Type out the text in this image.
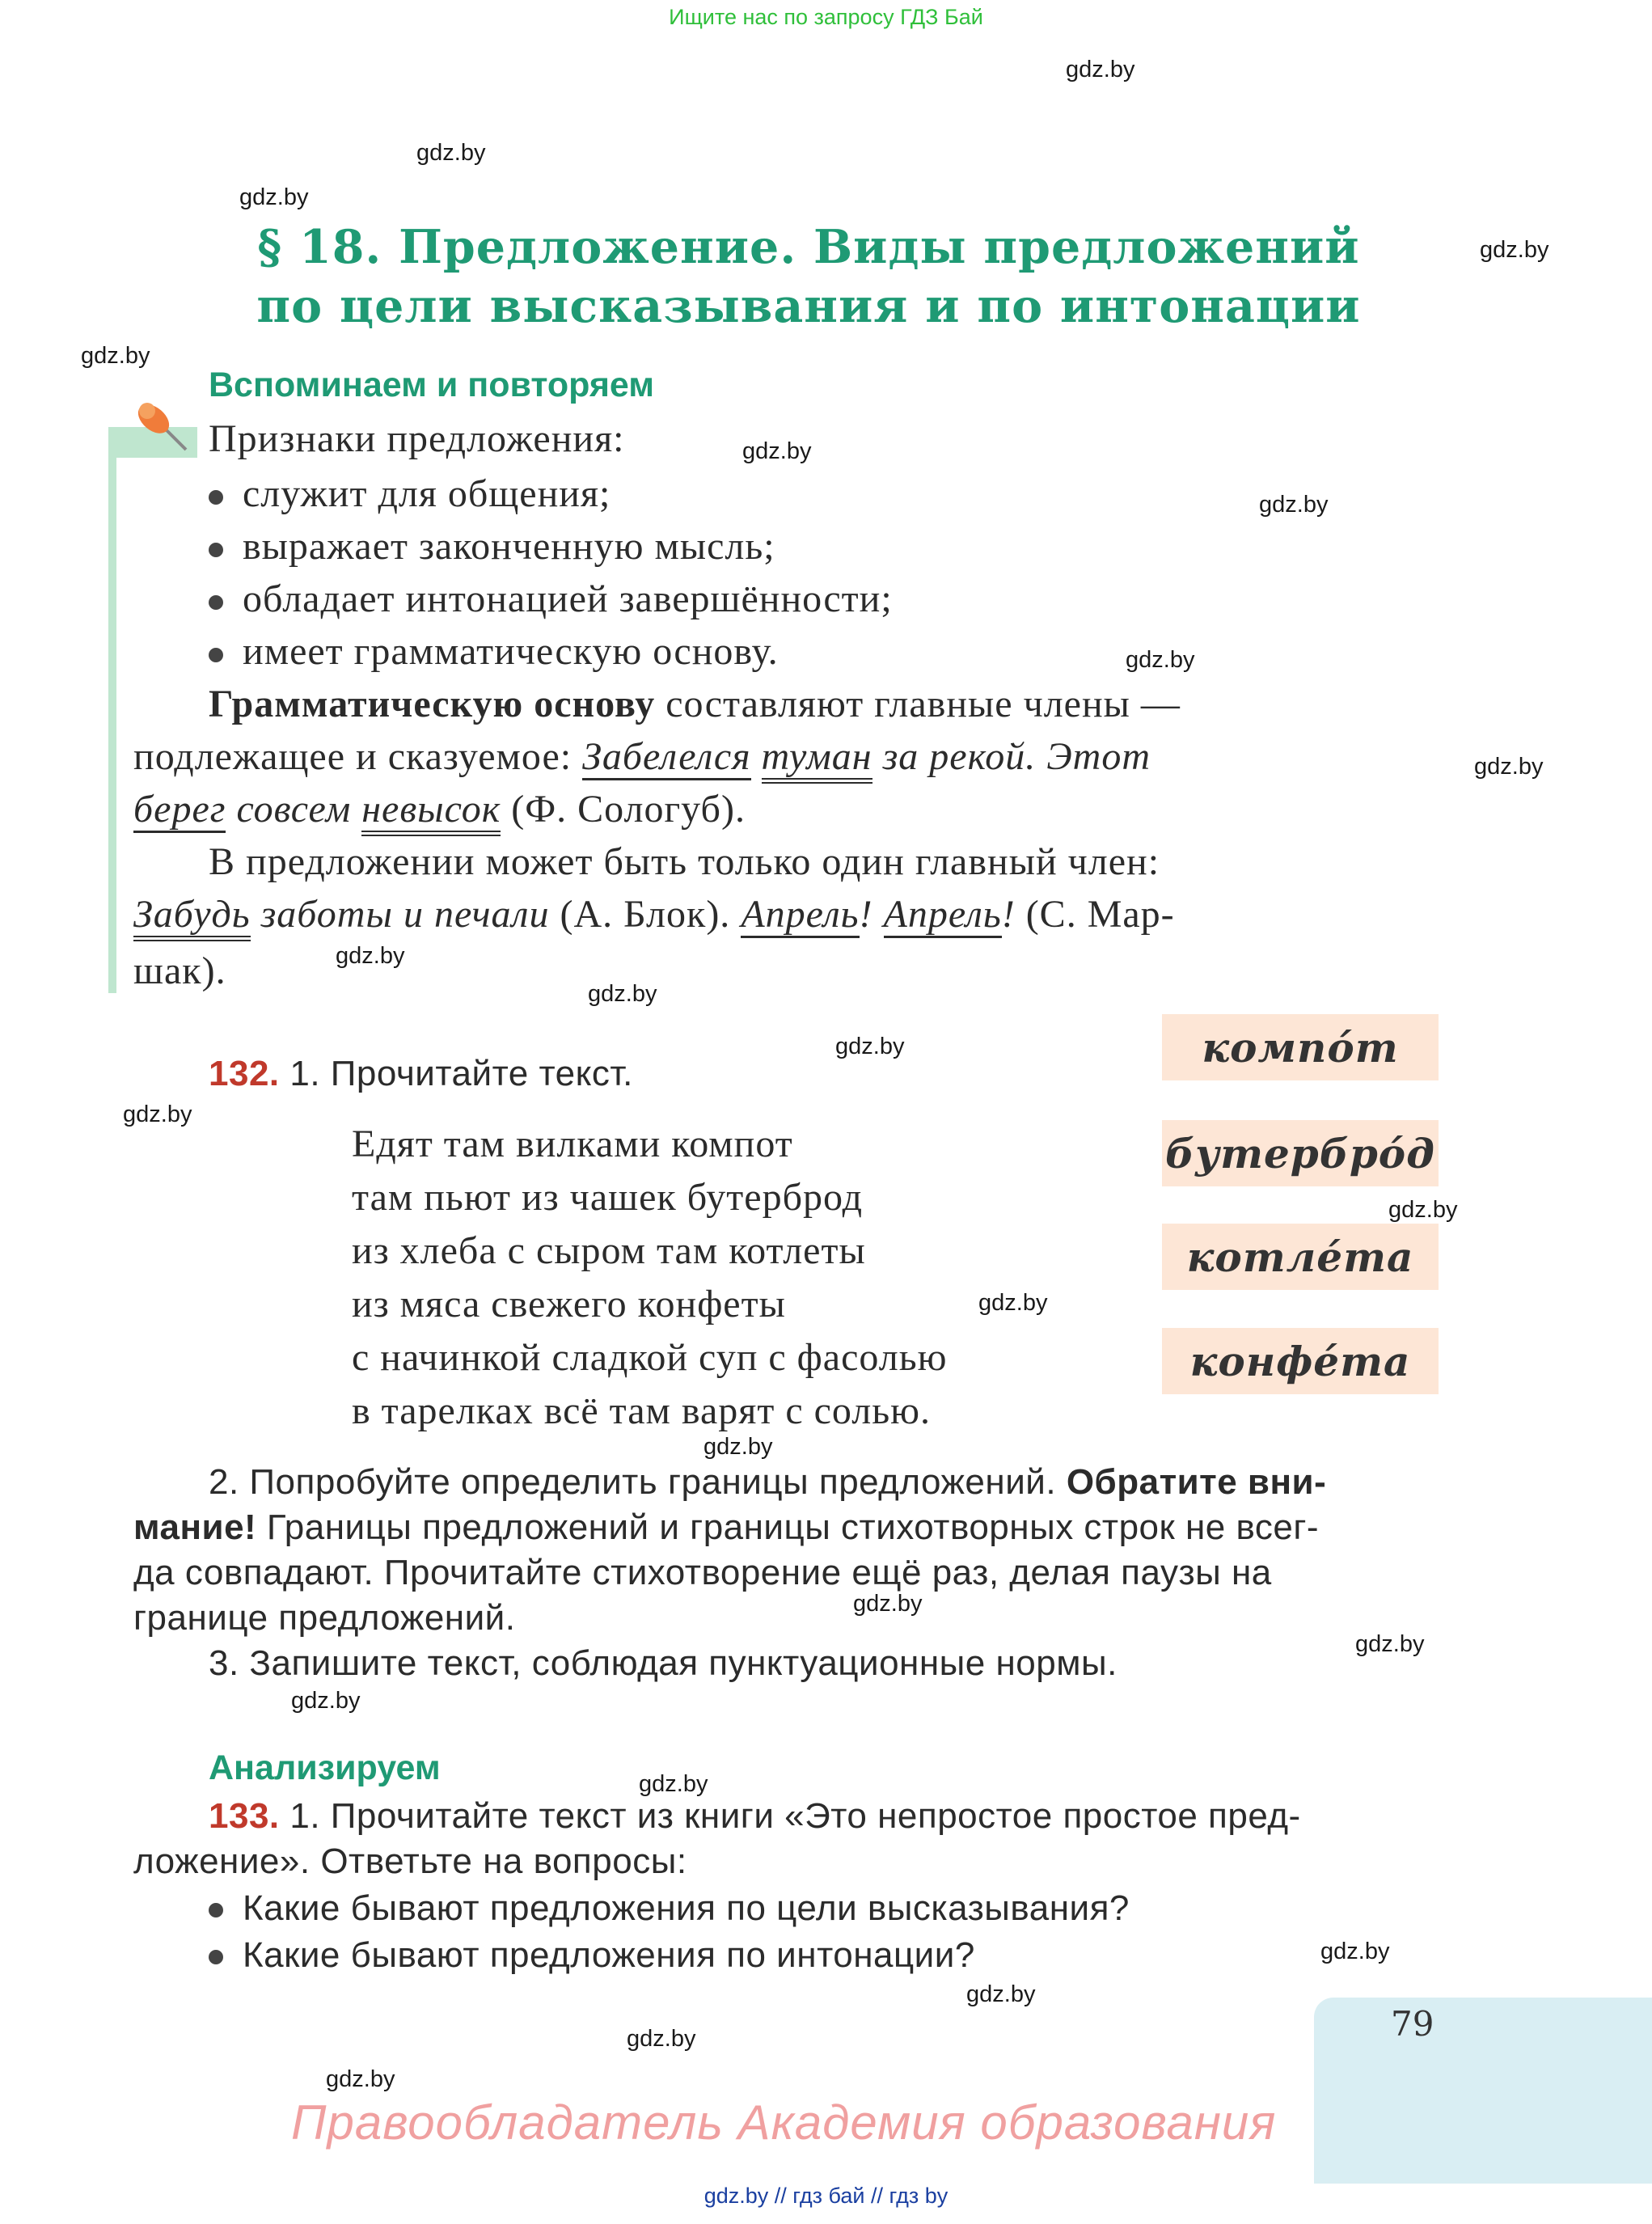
Ищите нас по запросу ГДЗ Бай
gdz.by
gdz.by
gdz.by
gdz.by
gdz.by
gdz.by
gdz.by
gdz.by
gdz.by
gdz.by
gdz.by
gdz.by
gdz.by
gdz.by
gdz.by
gdz.by
gdz.by
gdz.by
gdz.by
gdz.by
gdz.by
gdz.by
gdz.by
gdz.by
§ 18. Предложение. Виды предложений
по цели высказывания и по интонации
Вспоминаем и повторяем
Признаки предложения:
служит для общения;
выражает законченную мысль;
обладает интонацией завершённости;
имеет грамматическую основу.
Грамматическую основу составляют главные члены —
подлежащее и сказуемое: Забелелся туман за рекой. Этот
берег совсем невысок (Ф. Сологуб).
В предложении может быть только один главный член:
Забудь заботы и печали (А. Блок). Апрель! Апрель! (С. Мар-
шак).
132. 1. Прочитайте текст.
Едят там вилками компот
там пьют из чашек бутерброд
из хлеба с сыром там котлеты
из мяса свежего конфеты
с начинкой сладкой суп с фасолью
в тарелках всё там варят с солью.
компóт
бутербрóд
котлéта
конфéта
2. Попробуйте определить границы предложений. Обратите вни-
мание! Границы предложений и границы стихотворных строк не всег-
да совпадают. Прочитайте стихотворение ещё раз, делая паузы на
границе предложений.
3. Запишите текст, соблюдая пунктуационные нормы.
Анализируем
133. 1. Прочитайте текст из книги «Это непростое простое пред-
ложение». Ответьте на вопросы:
Какие бывают предложения по цели высказывания?
Какие бывают предложения по интонации?
79
Правообладатель Академия образования
gdz.by // гдз бай // гдз by
